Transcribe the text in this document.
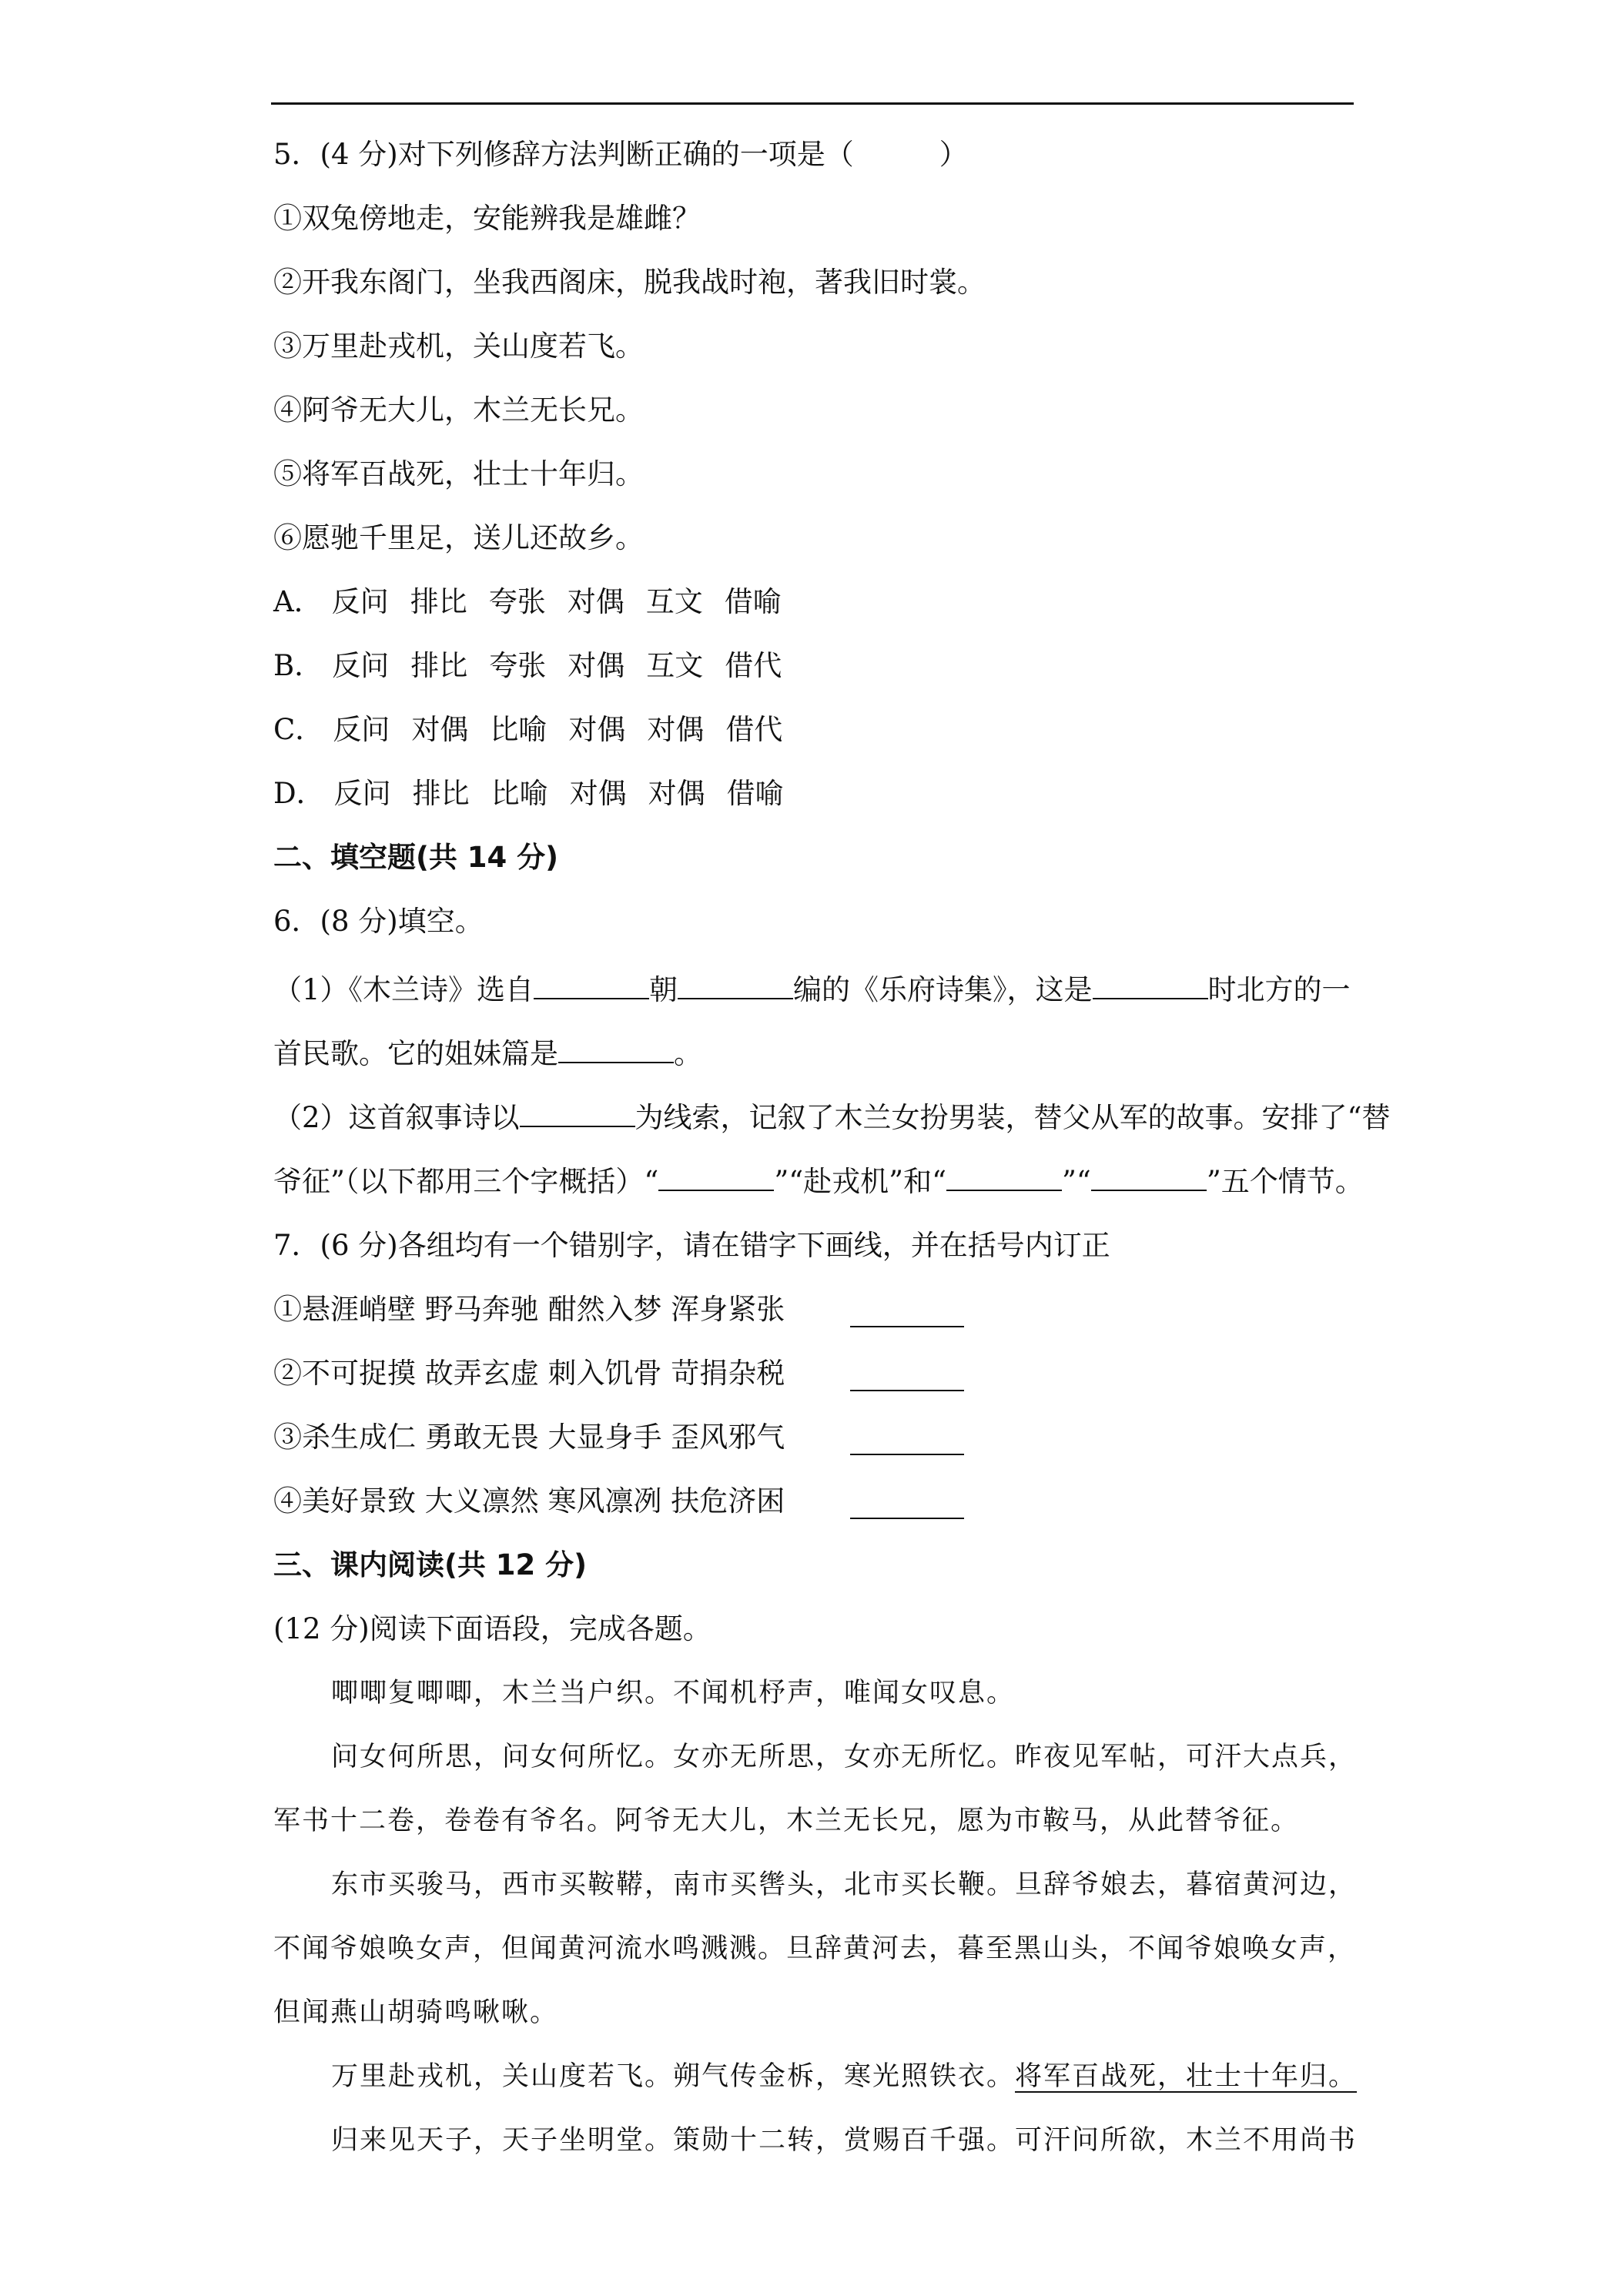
5．(4 分)对下列修辞方法判断正确的一项是（　　　）
①双兔傍地走，安能辨我是雄雌？
②开我东阁门，坐我西阁床，脱我战时袍，著我旧时裳。
③万里赴戎机，关山度若飞。
④阿爷无大儿，木兰无长兄。
⑤将军百战死，壮士十年归。
⑥愿驰千里足，送儿还故乡。
A． 反问 排比 夸张 对偶 互文 借喻
B． 反问 排比 夸张 对偶 互文 借代
C． 反问 对偶 比喻 对偶 对偶 借代
D． 反问 排比 比喻 对偶 对偶 借喻
二、填空题(共 14 分)
6．(8 分)填空。
（1）《木兰诗》选自	朝	编的《乐府诗集》，这是	时北方的一
首民歌。它的姐妹篇是	。
（2）这首叙事诗以	为线索，记叙了木兰女扮男装，替父从军的故事。安排了“替
爷征”（以下都用三个字概括）“	”“赴戎机”和“	”“	”五个情节。
7．(6 分)各组均有一个错别字，请在错字下画线，并在括号内订正
①悬涯峭壁 野马奔驰 酣然入梦 浑身紧张
②不可捉摸 故弄玄虚 刺入饥骨 苛捐杂税
③杀生成仁 勇敢无畏 大显身手 歪风邪气
④美好景致 大义凛然 寒风凛冽 扶危济困
三、课内阅读(共 12 分)
(12 分)阅读下面语段，完成各题。
唧唧复唧唧，木兰当户织。不闻机杼声，唯闻女叹息。
问女何所思，问女何所忆。女亦无所思，女亦无所忆。昨夜见军帖，可汗大点兵，
军书十二卷，卷卷有爷名。阿爷无大儿，木兰无长兄，愿为市鞍马，从此替爷征。
东市买骏马，西市买鞍鞯，南市买辔头，北市买长鞭。旦辞爷娘去，暮宿黄河边，
不闻爷娘唤女声，但闻黄河流水鸣溅溅。旦辞黄河去，暮至黑山头，不闻爷娘唤女声，
但闻燕山胡骑鸣啾啾。
万里赴戎机，关山度若飞。朔气传金柝，寒光照铁衣。将军百战死，壮士十年归。
归来见天子，天子坐明堂。策勋十二转，赏赐百千强。可汗问所欲，木兰不用尚书
